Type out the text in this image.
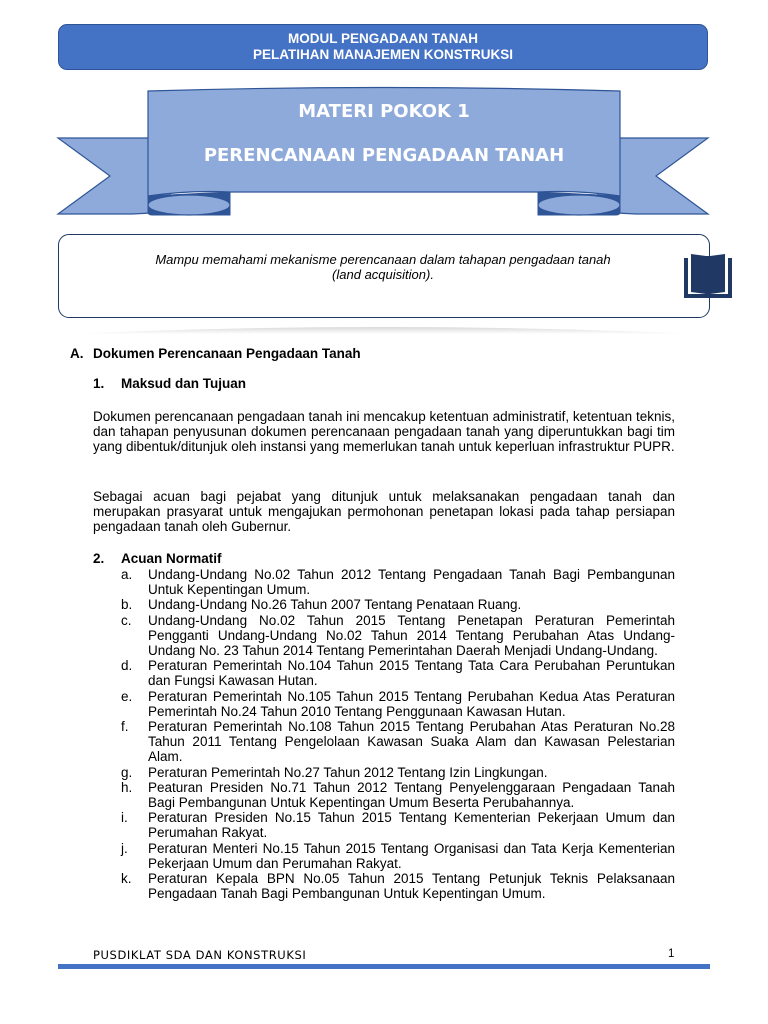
MODUL PENGADAAN TANAH
PELATIHAN MANAJEMEN KONSTRUKSI
MATERI POKOK 1
PERENCANAAN PENGADAAN TANAH
Mampu memahami mekanisme perencanaan dalam tahapan pengadaan tanah
(land acquisition).
A. Dokumen Perencanaan Pengadaan Tanah
1. Maksud dan Tujuan
Dokumen perencanaan pengadaan tanah ini mencakup ketentuan administratif, ketentuan teknis, dan tahapan penyusunan dokumen perencanaan pengadaan tanah yang diperuntukkan bagi tim yang dibentuk/ditunjuk oleh instansi yang memerlukan tanah untuk keperluan infrastruktur PUPR.
Sebagai acuan bagi pejabat yang ditunjuk untuk melaksanakan pengadaan tanah dan merupakan prasyarat untuk mengajukan permohonan penetapan lokasi pada tahap persiapan pengadaan tanah oleh Gubernur.
2. Acuan Normatif
a. Undang-Undang No.02 Tahun 2012 Tentang Pengadaan Tanah Bagi Pembangunan Untuk Kepentingan Umum.
b. Undang-Undang No.26 Tahun 2007 Tentang Penataan Ruang.
c. Undang-Undang No.02 Tahun 2015 Tentang Penetapan Peraturan Pemerintah Pengganti Undang-Undang No.02 Tahun 2014 Tentang Perubahan Atas Undang-Undang No. 23 Tahun 2014 Tentang Pemerintahan Daerah Menjadi Undang-Undang.
d. Peraturan Pemerintah No.104 Tahun 2015 Tentang Tata Cara Perubahan Peruntukan dan Fungsi Kawasan Hutan.
e. Peraturan Pemerintah No.105 Tahun 2015 Tentang Perubahan Kedua Atas Peraturan Pemerintah No.24 Tahun 2010 Tentang Penggunaan Kawasan Hutan.
f. Peraturan Pemerintah No.108 Tahun 2015 Tentang Perubahan Atas Peraturan No.28 Tahun 2011 Tentang Pengelolaan Kawasan Suaka Alam dan Kawasan Pelestarian Alam.
g. Peraturan Pemerintah No.27 Tahun 2012 Tentang Izin Lingkungan.
h. Peaturan Presiden No.71 Tahun 2012 Tentang Penyelenggaraan Pengadaan Tanah Bagi Pembangunan Untuk Kepentingan Umum Beserta Perubahannya.
i. Peraturan Presiden No.15 Tahun 2015 Tentang Kementerian Pekerjaan Umum dan Perumahan Rakyat.
j. Peraturan Menteri No.15 Tahun 2015 Tentang Organisasi dan Tata Kerja Kementerian Pekerjaan Umum dan Perumahan Rakyat.
k. Peraturan Kepala BPN No.05 Tahun 2015 Tentang Petunjuk Teknis Pelaksanaan Pengadaan Tanah Bagi Pembangunan Untuk Kepentingan Umum.
PUSDIKLAT SDA DAN KONSTRUKSI	1
